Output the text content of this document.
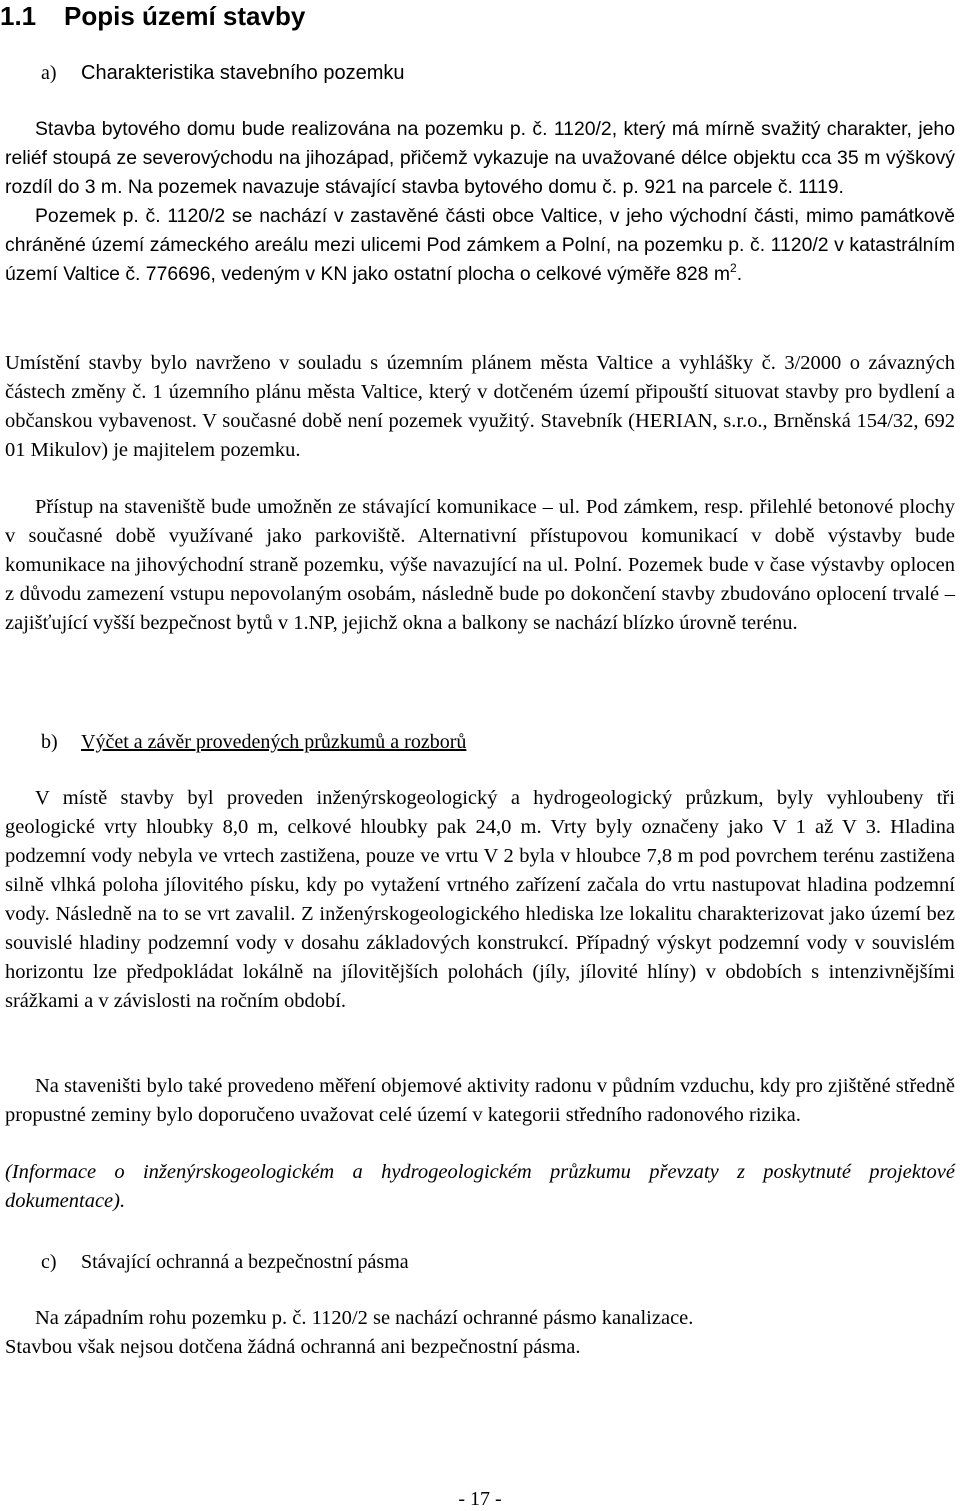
1.1 Popis území stavby
a) Charakteristika stavebního pozemku
Stavba bytového domu bude realizována na pozemku p. č. 1120/2, který má mírně svažitý charakter, jeho reliéf stoupá ze severovýchodu na jihozápad, přičemž vykazuje na uvažované délce objektu cca 35 m výškový rozdíl do 3 m. Na pozemek navazuje stávající stavba bytového domu č. p. 921 na parcele č. 1119.
Pozemek p. č. 1120/2 se nachází v zastavěné části obce Valtice, v jeho východní části, mimo památkově chráněné území zámeckého areálu mezi ulicemi Pod zámkem a Polní, na pozemku p. č. 1120/2 v katastrálním území Valtice č. 776696, vedeným v KN jako ostatní plocha o celkové výměře 828 $m^2$.
Umístění stavby bylo navrženo v souladu s územním plánem města Valtice a vyhlášky č. 3/2000 o závazných částech změny č. 1 územního plánu města Valtice, který v dotčeném území připouští situovat stavby pro bydlení a občanskou vybavenost. V současné době není pozemek využitý. Stavebník (HERIAN, s.r.o., Brněnská 154/32, 692 01 Mikulov) je majitelem pozemku.
Přístup na staveniště bude umožněn ze stávající komunikace – ul. Pod zámkem, resp. přilehlé betonové plochy v současné době využívané jako parkoviště. Alternativní přístupovou komunikací v době výstavby bude komunikace na jihovýchodní straně pozemku, výše navazující na ul. Polní. Pozemek bude v čase výstavby oplocen z důvodu zamezení vstupu nepovolaným osobám, následně bude po dokončení stavby zbudováno oplocení trvalé – zajišťující vyšší bezpečnost bytů v 1.NP, jejichž okna a balkony se nachází blízko úrovně terénu.
b) Výčet a závěr provedených průzkumů a rozborů
V místě stavby byl proveden inženýrskogeologický a hydrogeologický průzkum, byly vyhloubeny tři geologické vrty hloubky 8,0 m, celkové hloubky pak 24,0 m. Vrty byly označeny jako V 1 až V 3. Hladina podzemní vody nebyla ve vrtech zastižena, pouze ve vrtu V 2 byla v hloubce 7,8 m pod povrchem terénu zastižena silně vlhká poloha jílovitého písku, kdy po vytažení vrtného zařízení začala do vrtu nastupovat hladina podzemní vody. Následně na to se vrt zavalil. Z inženýrskogeologického hlediska lze lokalitu charakterizovat jako území bez souvislé hladiny podzemní vody v dosahu základových konstrukcí. Případný výskyt podzemní vody v souvislém horizontu lze předpokládat lokálně na jílovitějších polohách (jíly, jílovité hlíny) v obdobích s intenzivnějšími srážkami a v závislosti na ročním období.
Na staveništi bylo také provedeno měření objemové aktivity radonu v půdním vzduchu, kdy pro zjištěné středně propustné zeminy bylo doporučeno uvažovat celé území v kategorii středního radonového rizika.
(Informace o inženýrskogeologickém a hydrogeologickém průzkumu převzaty z poskytnuté projektové dokumentace).
c) Stávající ochranná a bezpečnostní pásma
Na západním rohu pozemku p. č. 1120/2 se nachází ochranné pásmo kanalizace.
Stavbou však nejsou dotčena žádná ochranná ani bezpečnostní pásma.
- 17 -
